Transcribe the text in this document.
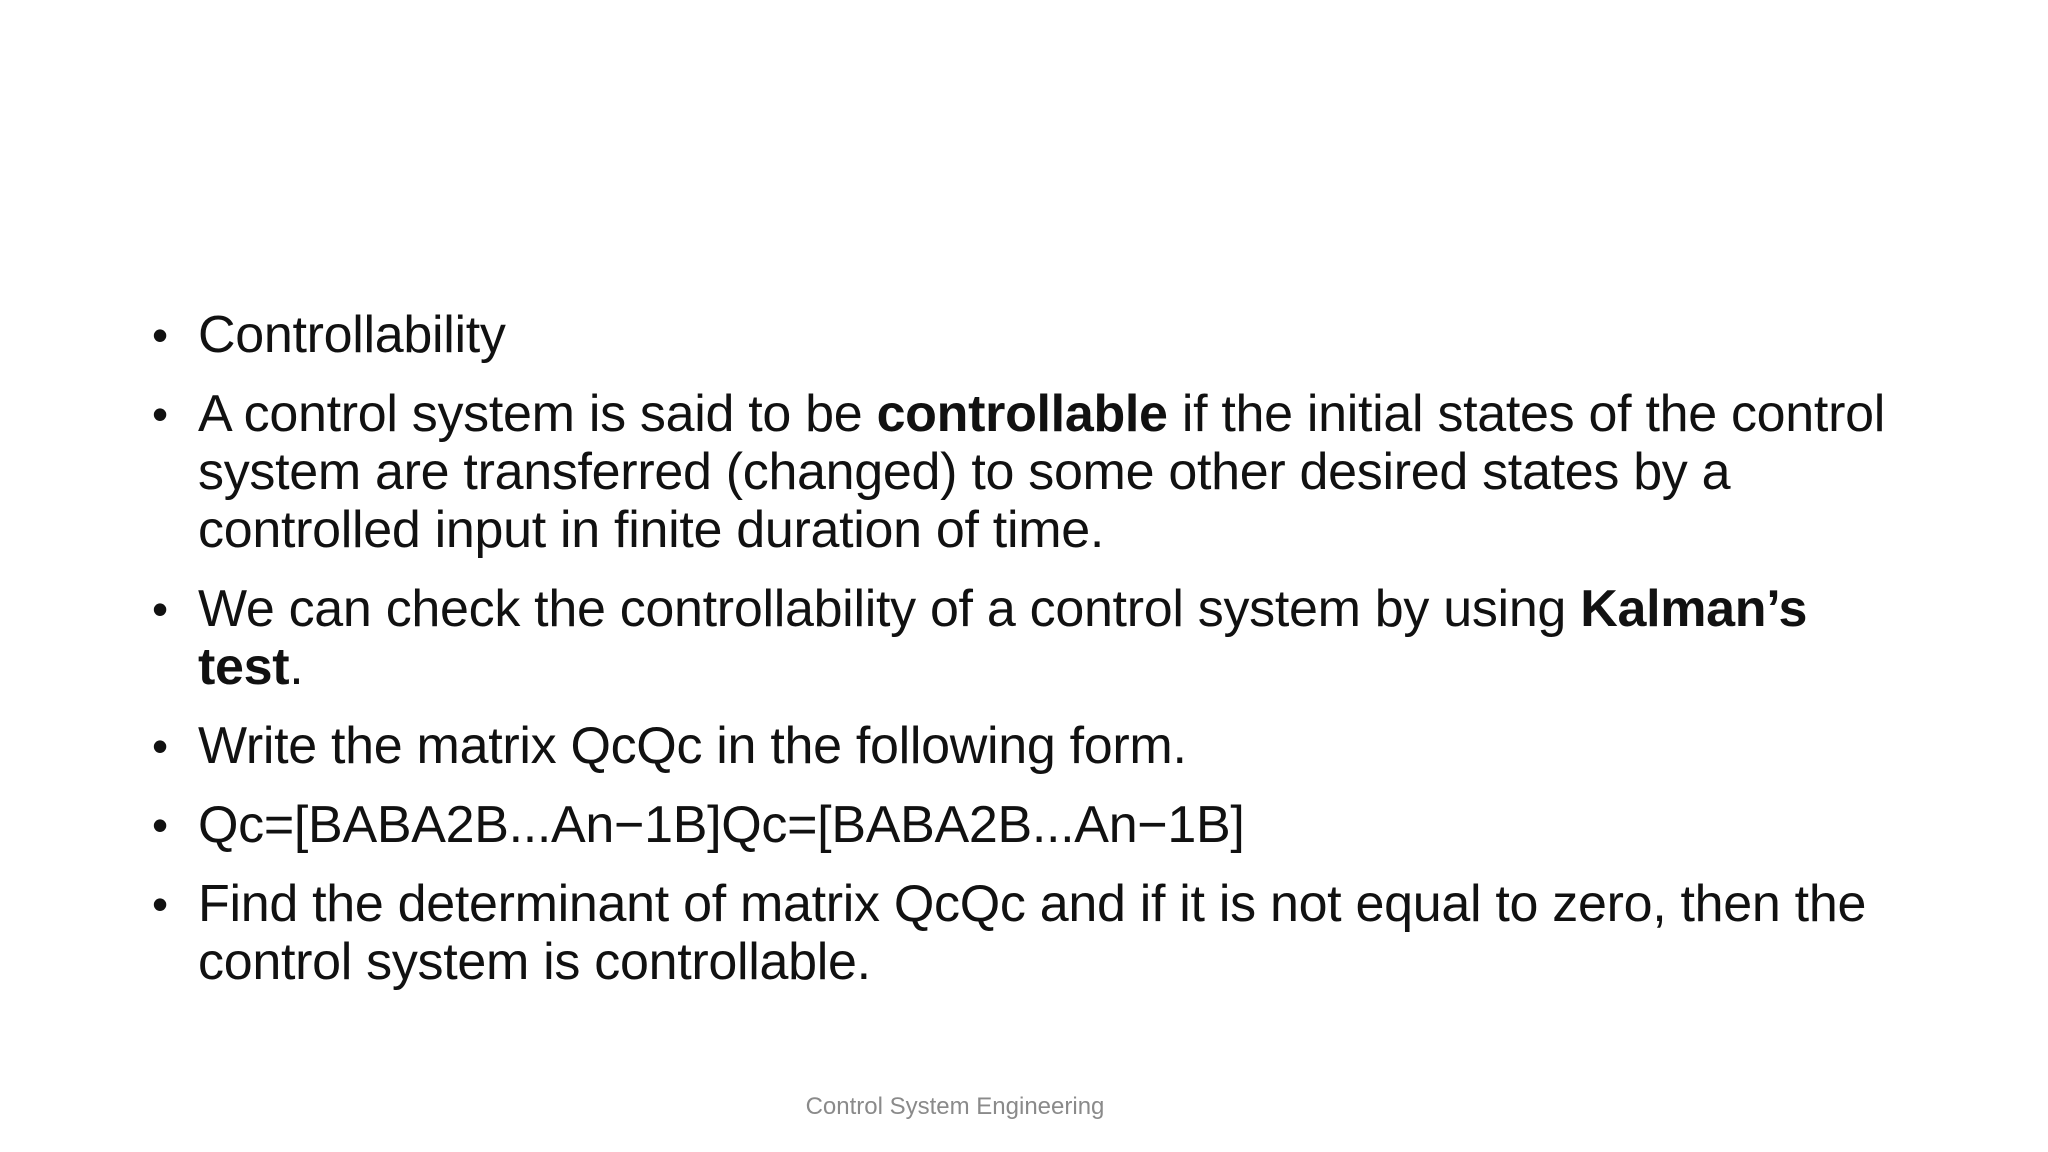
• Controllability
• A control system is said to be controllable if the initial states of the control system are transferred (changed) to some other desired states by a controlled input in finite duration of time.
• We can check the controllability of a control system by using Kalman’s test.
• Write the matrix QcQc in the following form.
• Qc=[BABA2B...An−1B]Qc=[BABA2B...An−1B]
• Find the determinant of matrix QcQc and if it is not equal to zero, then the control system is controllable.
Control System Engineering
